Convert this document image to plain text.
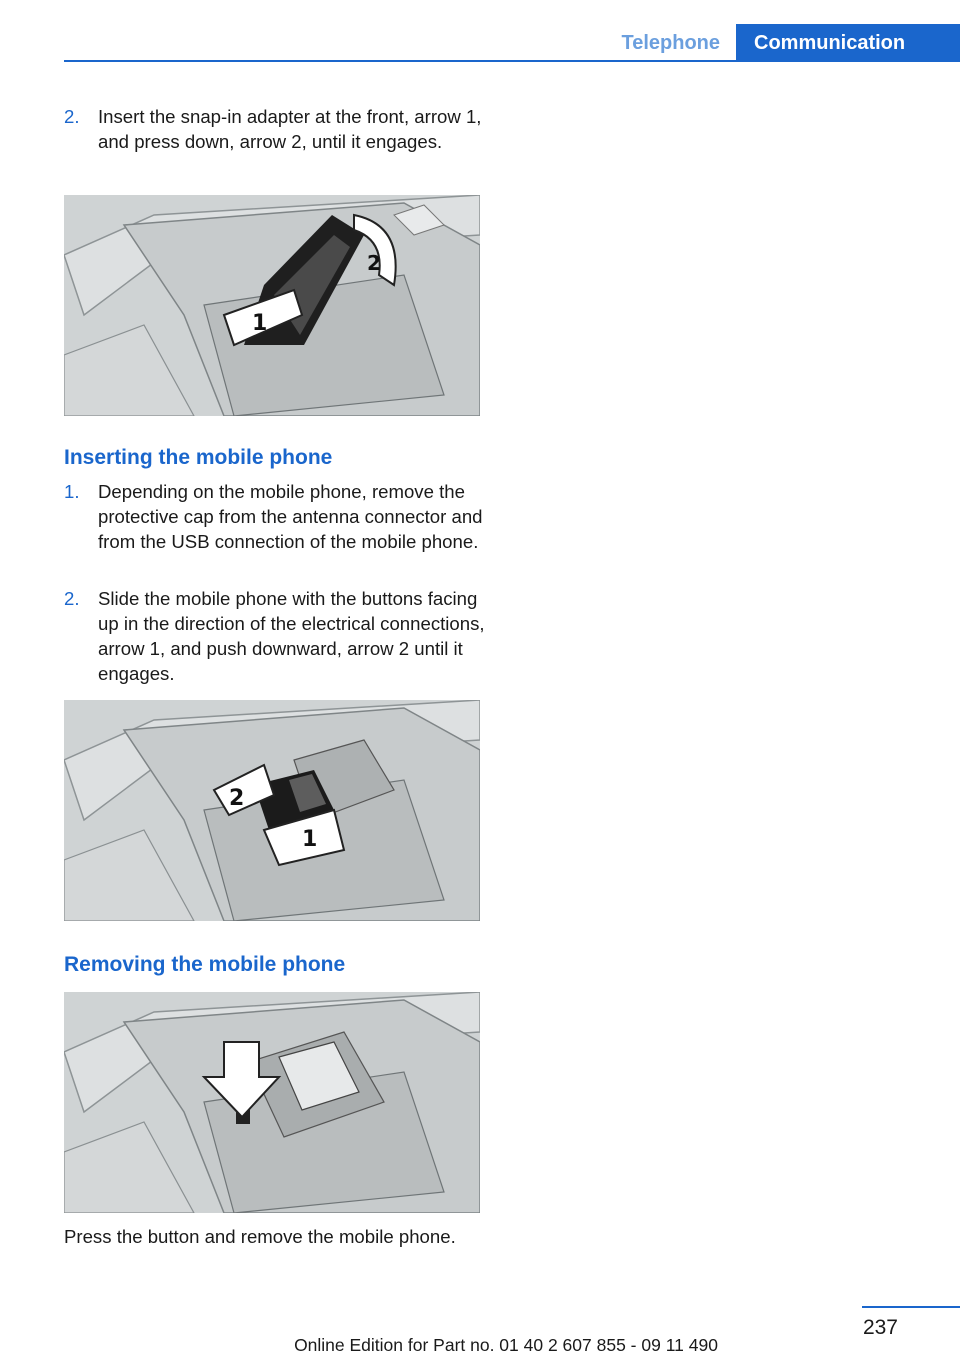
Telephone	Communication
2. Insert the snap-in adapter at the front, arrow 1, and press down, arrow 2, until it engages.
1
2
Inserting the mobile phone
1. Depending on the mobile phone, remove the protective cap from the antenna connector and from the USB connection of the mobile phone.
2. Slide the mobile phone with the buttons facing up in the direction of the electrical connections, arrow 1, and push downward, arrow 2 until it engages.
2
1
Removing the mobile phone
Press the button and remove the mobile phone.
237
Online Edition for Part no. 01 40 2 607 855 - 09 11 490
